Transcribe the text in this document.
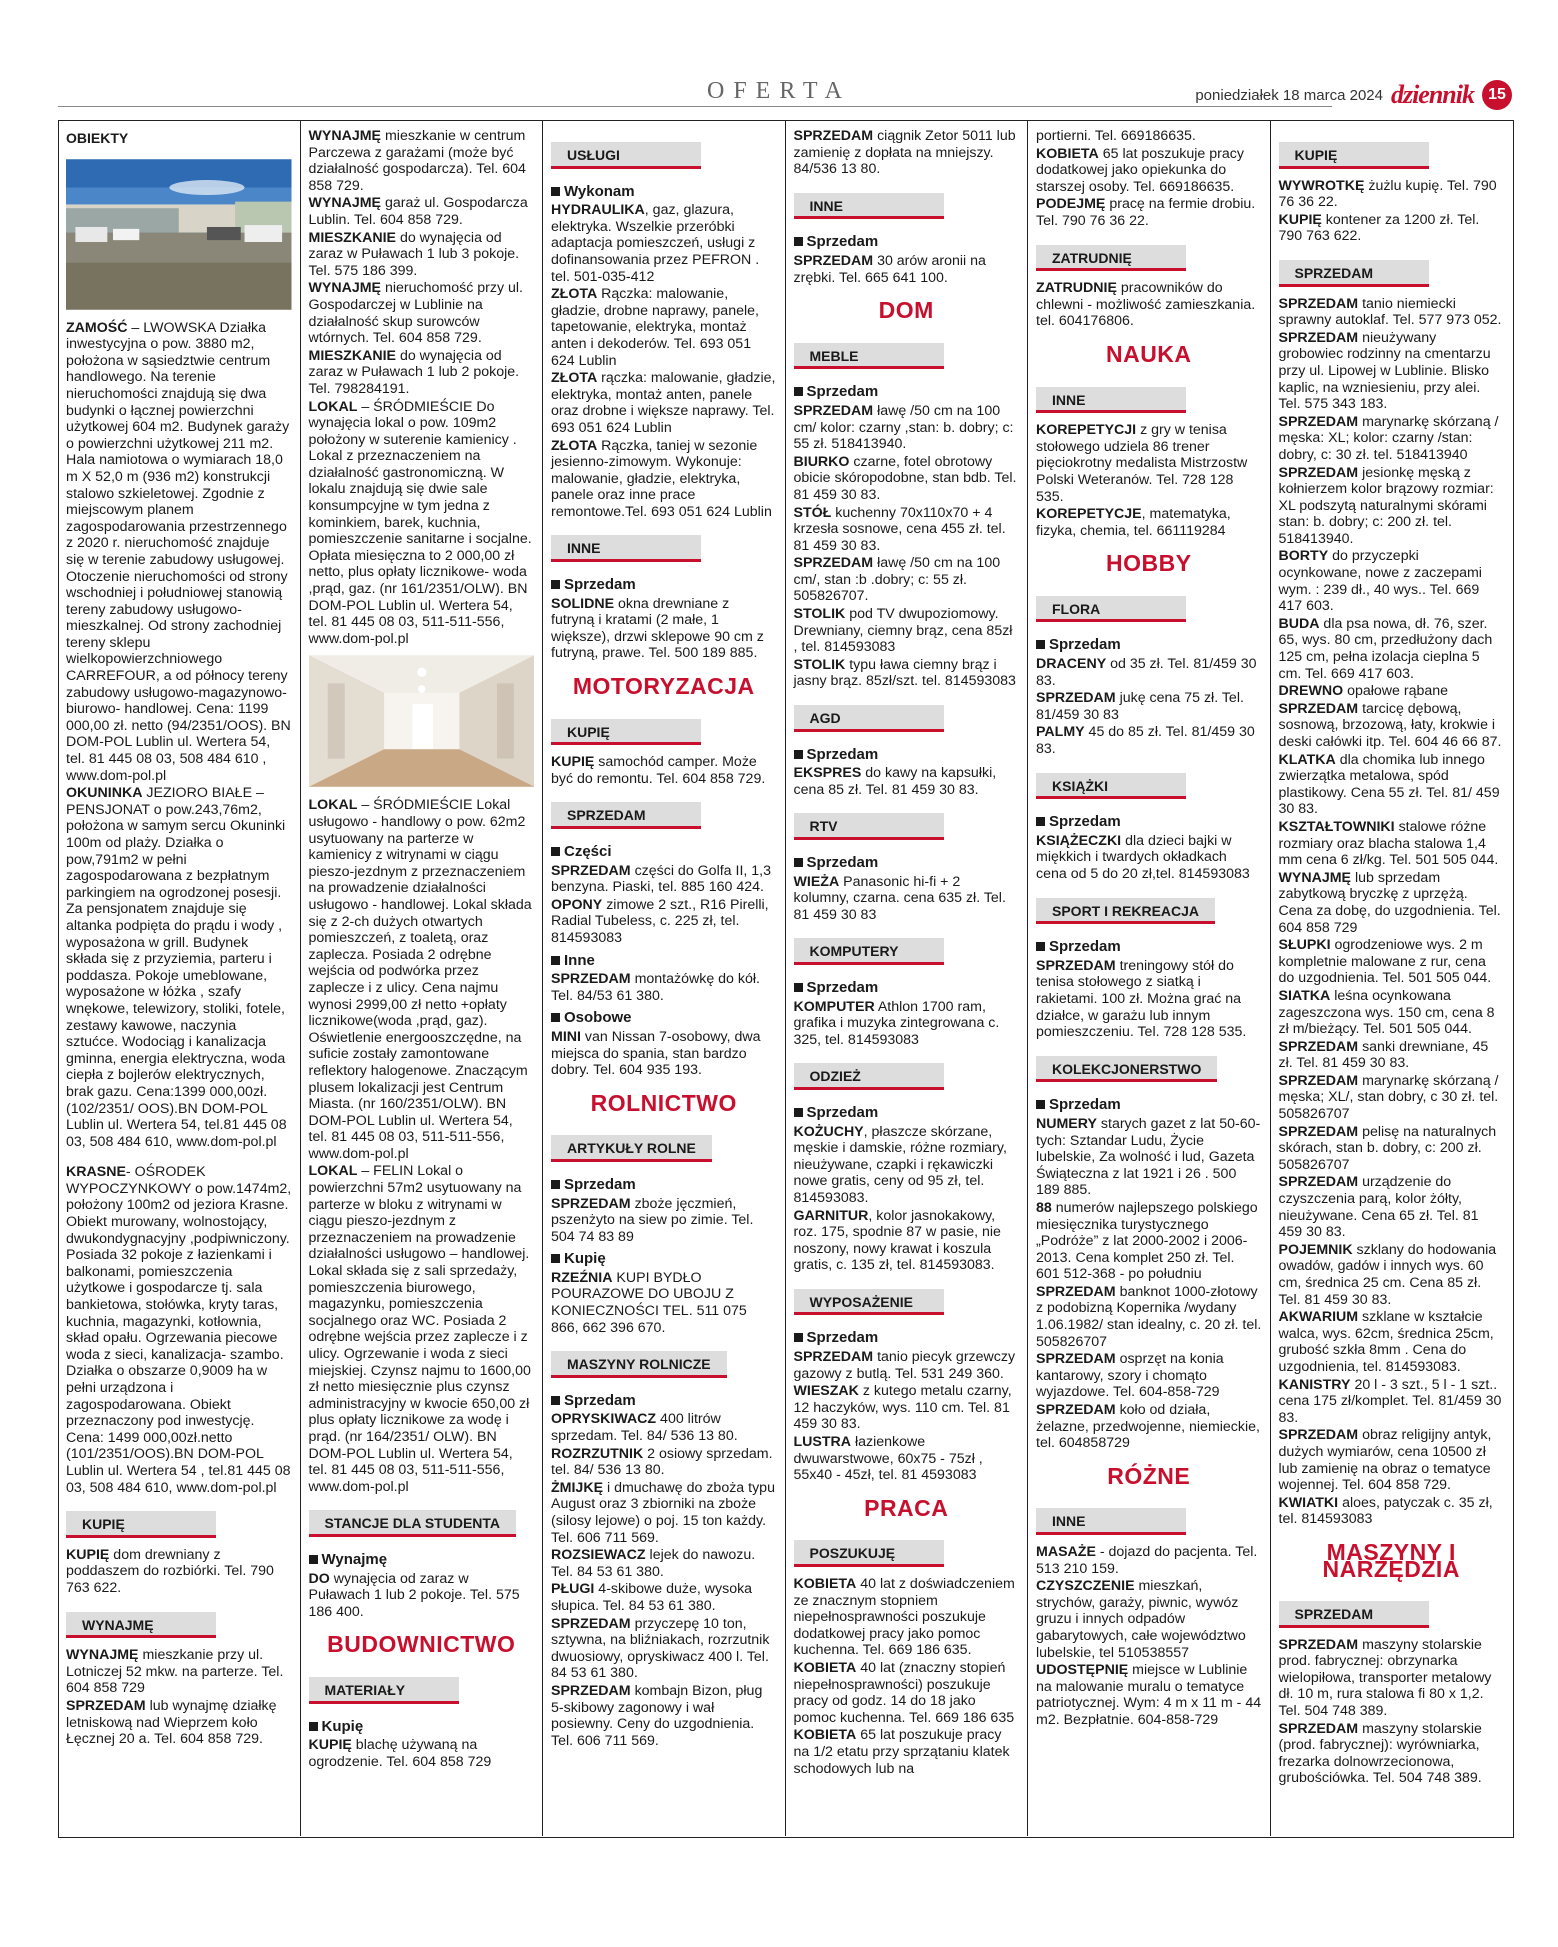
OFERTA	poniedziałek 18 marca 2024 dziennik 15
OBIEKTY
ZAMOŚĆ – LWOWSKA Działka inwestycyjna o pow. 3880 m2, położona w sąsiedztwie centrum handlowego. Na terenie nieruchomości znajdują się dwa budynki o łącznej powierzchni użytkowej 604 m2. Budynek garaży o powierzchni użytkowej 211 m2. Hala namiotowa o wymiarach 18,0 m X 52,0 m (936 m2) konstrukcji stalowo szkieletowej. Zgodnie z miejscowym planem zagospodarowania przestrzennego z 2020 r. nieruchomość znajduje się w terenie zabudowy usługowej. Otoczenie nieruchomości od strony wschodniej i południowej stanowią tereny zabudowy usługowo-mieszkalnej. Od strony zachodniej tereny sklepu wielkopowierzchniowego CARREFOUR, a od północy tereny zabudowy usługowo-magazynowo-biurowo- handlowej. Cena: 1199 000,00 zł. netto (94/2351/OOS). BN DOM-POL Lublin ul. Wertera 54, tel. 81 445 08 03, 508 484 610 , www.dom-pol.pl
OKUNINKA JEZIORO BIAŁE – PENSJONAT o pow.243,76m2, położona w samym sercu Okuninki 100m od plaży. Działka o pow,791m2 w pełni zagospodarowana z bezpłatnym parkingiem na ogrodzonej posesji. Za pensjonatem znajduje się altanka podpięta do prądu i wody , wyposażona w grill. Budynek składa się z przyziemia, parteru i poddasza. Pokoje umeblowane, wyposażone w łóżka , szafy wnękowe, telewizory, stoliki, fotele, zestawy kawowe, naczynia sztućce. Wodociąg i kanalizacja gminna, energia elektryczna, woda ciepła z bojlerów elektrycznych, brak gazu. Cena:1399 000,00zł.(102/2351/ OOS).BN DOM-POL Lublin ul. Wertera 54, tel.81 445 08 03, 508 484 610, www.dom-pol.pl
KRASNE- OŚRODEK WYPOCZYNKOWY o pow.1474m2, położony 100m2 od jeziora Krasne. Obiekt murowany, wolnostojący, dwukondygnacyjny ,podpiwniczony. Posiada 32 pokoje z łazienkami i balkonami, pomieszczenia użytkowe i gospodarcze tj. sala bankietowa, stołówka, kryty taras, kuchnia, magazynki, kotłownia, skład opału. Ogrzewania piecowe woda z sieci, kanalizacja- szambo. Działka o obszarze 0,9009 ha w pełni urządzona i zagospodarowana. Obiekt przeznaczony pod inwestycję. Cena: 1499 000,00zł.netto (101/2351/OOS).BN DOM-POL Lublin ul. Wertera 54 , tel.81 445 08 03, 508 484 610, www.dom-pol.pl
KUPIĘ
KUPIĘ dom drewniany z poddaszem do rozbiórki. Tel. 790 763 622.
WYNAJMĘ
WYNAJMĘ mieszkanie przy ul. Lotniczej 52 mkw. na parterze. Tel. 604 858 729
SPRZEDAM lub wynajmę działkę letniskową nad Wieprzem koło Łęcznej 20 a. Tel. 604 858 729.
WYNAJMĘ mieszkanie w centrum Parczewa z garażami (może być działalność gospodarcza). Tel. 604 858 729.
WYNAJMĘ garaż ul. Gospodarcza Lublin. Tel. 604 858 729.
MIESZKANIE do wynajęcia od zaraz w Puławach 1 lub 3 pokoje. Tel. 575 186 399.
WYNAJMĘ nieruchomość przy ul. Gospodarczej w Lublinie na działalność skup surowców wtórnych. Tel. 604 858 729.
MIESZKANIE do wynajęcia od zaraz w Puławach 1 lub 2 pokoje. Tel. 798284191.
LOKAL – ŚRÓDMIEŚCIE Do wynajęcia lokal o pow. 109m2 położony w suterenie kamienicy . Lokal z przeznaczeniem na działalność gastronomiczną. W lokalu znajdują się dwie sale konsumpcyjne w tym jedna z kominkiem, barek, kuchnia, pomieszczenie sanitarne i socjalne. Opłata miesięczna to 2 000,00 zł netto, plus opłaty licznikowe- woda ,prąd, gaz. (nr 161/2351/OLW). BN DOM-POL Lublin ul. Wertera 54, tel. 81 445 08 03, 511-511-556, www.dom-pol.pl
LOKAL – ŚRÓDMIEŚCIE Lokal usługowo - handlowy o pow. 62m2 usytuowany na parterze w kamienicy z witrynami w ciągu pieszo-jezdnym z przeznaczeniem na prowadzenie działalności usługowo - handlowej. Lokal składa się z 2-ch dużych otwartych pomieszczeń, z toaletą, oraz zaplecza. Posiada 2 odrębne wejścia od podwórka przez zaplecze i z ulicy. Cena najmu wynosi 2999,00 zł netto +opłaty licznikowe(woda ,prąd, gaz). Oświetlenie energooszczędne, na suficie zostały zamontowane reflektory halogenowe. Znaczącym plusem lokalizacji jest Centrum Miasta. (nr 160/2351/OLW). BN DOM-POL Lublin ul. Wertera 54, tel. 81 445 08 03, 511-511-556, www.dom-pol.pl
LOKAL – FELIN Lokal o powierzchni 57m2 usytuowany na parterze w bloku z witrynami w ciągu pieszo-jezdnym z przeznaczeniem na prowadzenie działalności usługowo – handlowej. Lokal składa się z sali sprzedaży, pomieszczenia biurowego, magazynku, pomieszczenia socjalnego oraz WC. Posiada 2 odrębne wejścia przez zaplecze i z ulicy. Ogrzewanie i woda z sieci miejskiej. Czynsz najmu to 1600,00 zł netto miesięcznie plus czynsz administracyjny w kwocie 650,00 zł plus opłaty licznikowe za wodę i prąd. (nr 164/2351/ OLW). BN DOM-POL Lublin ul. Wertera 54, tel. 81 445 08 03, 511-511-556, www.dom-pol.pl
STANCJE DLA STUDENTA
Wynajmę
DO wynajęcia od zaraz w Puławach 1 lub 2 pokoje. Tel. 575 186 400.
BUDOWNICTWO
MATERIAŁY
Kupię
KUPIĘ blachę używaną na ogrodzenie. Tel. 604 858 729
USŁUGI
Wykonam
HYDRAULIKA, gaz, glazura, elektryka. Wszelkie przeróbki adaptacja pomieszczeń, usługi z dofinansowania przez PEFRON . tel. 501-035-412
ZŁOTA Rączka: malowanie, gładzie, drobne naprawy, panele, tapetowanie, elektryka, montaż anten i dekoderów. Tel. 693 051 624 Lublin
ZŁOTA rączka: malowanie, gładzie, elektryka, montaż anten, panele oraz drobne i większe naprawy. Tel. 693 051 624 Lublin
ZŁOTA Rączka, taniej w sezonie jesienno-zimowym. Wykonuje: malowanie, gładzie, elektryka, panele oraz inne prace remontowe.Tel. 693 051 624 Lublin
INNE
Sprzedam
SOLIDNE okna drewniane z futryną i kratami (2 małe, 1 większe), drzwi sklepowe 90 cm z futryną, prawe. Tel. 500 189 885.
MOTORYZACJA
KUPIĘ
KUPIĘ samochód camper. Może być do remontu. Tel. 604 858 729.
SPRZEDAM
Części
SPRZEDAM części do Golfa II, 1,3 benzyna. Piaski, tel. 885 160 424.
OPONY zimowe 2 szt., R16 Pirelli, Radial Tubeless, c. 225 zł, tel. 814593083
Inne
SPRZEDAM montażówkę do kół. Tel. 84/53 61 380.
Osobowe
MINI van Nissan 7-osobowy, dwa miejsca do spania, stan bardzo dobry. Tel. 604 935 193.
ROLNICTWO
ARTYKUŁY ROLNE
Sprzedam
SPRZEDAM zboże jęczmień, pszenżyto na siew po zimie. Tel. 504 74 83 89
Kupię
RZEŹNIA KUPI BYDŁO POURAZOWE DO UBOJU Z KONIECZNOŚCI TEL. 511 075 866, 662 396 670.
MASZYNY ROLNICZE
Sprzedam
OPRYSKIWACZ 400 litrów sprzedam. Tel. 84/ 536 13 80.
ROZRZUTNIK 2 osiowy sprzedam. tel. 84/ 536 13 80.
ŻMIJKĘ i dmuchawę do zboża typu August oraz 3 zbiorniki na zboże (silosy lejowe) o poj. 15 ton każdy. Tel. 606 711 569.
ROZSIEWACZ lejek do nawozu. Tel. 84 53 61 380.
PŁUGI 4-skibowe duże, wysoka słupica. Tel. 84 53 61 380.
SPRZEDAM przyczepę 10 ton, sztywna, na bliźniakach, rozrzutnik dwuosiowy, opryskiwacz 400 l. Tel. 84 53 61 380.
SPRZEDAM kombajn Bizon, pług 5-skibowy zagonowy i wał posiewny. Ceny do uzgodnienia. Tel. 606 711 569.
SPRZEDAM ciągnik Zetor 5011 lub zamienię z dopłata na mniejszy. 84/536 13 80.
INNE
Sprzedam
SPRZEDAM 30 arów aronii na zrębki. Tel. 665 641 100.
DOM
MEBLE
Sprzedam
SPRZEDAM ławę /50 cm na 100 cm/ kolor: czarny ,stan: b. dobry; c: 55 zł. 518413940.
BIURKO czarne, fotel obrotowy obicie skóropodobne, stan bdb. Tel. 81 459 30 83.
STÓŁ kuchenny 70x110x70 + 4 krzesła sosnowe, cena 455 zł. tel. 81 459 30 83.
SPRZEDAM ławę /50 cm na 100 cm/, stan :b .dobry; c: 55 zł. 505826707.
STOLIK pod TV dwupoziomowy. Drewniany, ciemny brąz, cena 85zł , tel. 814593083
STOLIK typu ława ciemny brąz i jasny brąz. 85zł/szt. tel. 814593083
AGD
Sprzedam
EKSPRES do kawy na kapsułki, cena 85 zł. Tel. 81 459 30 83.
RTV
Sprzedam
WIEŻA Panasonic hi-fi + 2 kolumny, czarna. cena 635 zł. Tel. 81 459 30 83
KOMPUTERY
Sprzedam
KOMPUTER Athlon 1700 ram, grafika i muzyka zintegrowana c. 325, tel. 814593083
ODZIEŻ
Sprzedam
KOŻUCHY, płaszcze skórzane, męskie i damskie, różne rozmiary, nieużywane, czapki i rękawiczki nowe gratis, ceny od 95 zł, tel. 814593083.
GARNITUR, kolor jasnokakowy, roz. 175, spodnie 87 w pasie, nie noszony, nowy krawat i koszula gratis, c. 135 zł, tel. 814593083.
WYPOSAŻENIE
Sprzedam
SPRZEDAM tanio piecyk grzewczy gazowy z butlą. Tel. 531 249 360.
WIESZAK z kutego metalu czarny, 12 haczyków, wys. 110 cm. Tel. 81 459 30 83.
LUSTRA łazienkowe dwuwarstwowe, 60x75 - 75zł , 55x40 - 45zł, tel. 81 4593083
PRACA
POSZUKUJĘ
KOBIETA 40 lat z doświadczeniem ze znacznym stopniem niepełnosprawności poszukuje dodatkowej pracy jako pomoc kuchenna. Tel. 669 186 635.
KOBIETA 40 lat (znaczny stopień niepełnosprawności) poszukuje pracy od godz. 14 do 18 jako pomoc kuchenna. Tel. 669 186 635
KOBIETA 65 lat poszukuje pracy na 1/2 etatu przy sprzątaniu klatek schodowych lub na
portierni. Tel. 669186635.
KOBIETA 65 lat poszukuje pracy dodatkowej jako opiekunka do starszej osoby. Tel. 669186635.
PODEJMĘ pracę na fermie drobiu. Tel. 790 76 36 22.
ZATRUDNIĘ
ZATRUDNIĘ pracowników do chlewni - możliwość zamieszkania. tel. 604176806.
NAUKA
INNE
KOREPETYCJI z gry w tenisa stołowego udziela 86 trener pięciokrotny medalista Mistrzostw Polski Weteranów. Tel. 728 128 535.
KOREPETYCJE, matematyka, fizyka, chemia, tel. 661119284
HOBBY
FLORA
Sprzedam
DRACENY od 35 zł. Tel. 81/459 30 83.
SPRZEDAM jukę cena 75 zł. Tel. 81/459 30 83
PALMY 45 do 85 zł. Tel. 81/459 30 83.
KSIĄŻKI
Sprzedam
KSIĄŻECZKI dla dzieci bajki w miękkich i twardych okładkach cena od 5 do 20 zł,tel. 814593083
SPORT I REKREACJA
Sprzedam
SPRZEDAM treningowy stół do tenisa stołowego z siatką i rakietami. 100 zł. Można grać na działce, w garażu lub innym pomieszczeniu. Tel. 728 128 535.
KOLEKCJONERSTWO
Sprzedam
NUMERY starych gazet z lat 50-60-tych: Sztandar Ludu, Życie lubelskie, Za wolność i lud, Gazeta Świąteczna z lat 1921 i 26 . 500 189 885.
88 numerów najlepszego polskiego miesięcznika turystycznego „Podróże” z lat 2000-2002 i 2006-2013. Cena komplet 250 zł. Tel. 601 512-368 - po południu
SPRZEDAM banknot 1000-złotowy z podobizną Kopernika /wydany 1.06.1982/ stan idealny, c. 20 zł. tel. 505826707
SPRZEDAM osprzęt na konia kantarowy, szory i chomąto wyjazdowe. Tel. 604-858-729
SPRZEDAM koło od działa, żelazne, przedwojenne, niemieckie, tel. 604858729
RÓŻNE
INNE
MASAŻE - dojazd do pacjenta. Tel. 513 210 159.
CZYSZCZENIE mieszkań, strychów, garaży, piwnic, wywóz gruzu i innych odpadów gabarytowych, całe województwo lubelskie, tel 510538557
UDOSTĘPNIĘ miejsce w Lublinie na malowanie muralu o tematyce patriotycznej. Wym: 4 m x 11 m - 44 m2. Bezpłatnie. 604-858-729
KUPIĘ
WYWROTKĘ żużlu kupię. Tel. 790 76 36 22.
KUPIĘ kontener za 1200 zł. Tel. 790 763 622.
SPRZEDAM
SPRZEDAM tanio niemiecki sprawny autoklaf. Tel. 577 973 052.
SPRZEDAM nieużywany grobowiec rodzinny na cmentarzu przy ul. Lipowej w Lublinie. Blisko kaplic, na wzniesieniu, przy alei. Tel. 575 343 183.
SPRZEDAM marynarkę skórzaną / męska: XL; kolor: czarny /stan: dobry, c: 30 zł. tel. 518413940
SPRZEDAM jesionkę męską z kołnierzem kolor brązowy rozmiar: XL podszytą naturalnymi skórami stan: b. dobry; c: 200 zł. tel. 518413940.
BORTY do przyczepki ocynkowane, nowe z zaczepami wym. : 239 dł., 40 wys.. Tel. 669 417 603.
BUDA dla psa nowa, dł. 76, szer. 65, wys. 80 cm, przedłużony dach 125 cm, pełna izolacja cieplna 5 cm. Tel. 669 417 603.
DREWNO opałowe rąbane
SPRZEDAM tarcicę dębową, sosnową, brzozową, łaty, krokwie i deski całówki itp. Tel. 604 46 66 87.
KLATKA dla chomika lub innego zwierzątka metalowa, spód plastikowy. Cena 55 zł. Tel. 81/ 459 30 83.
KSZTAŁTOWNIKI stalowe różne rozmiary oraz blacha stalowa 1,4 mm cena 6 zł/kg. Tel. 501 505 044.
WYNAJMĘ lub sprzedam zabytkową bryczkę z uprzężą. Cena za dobę, do uzgodnienia. Tel. 604 858 729
SŁUPKI ogrodzeniowe wys. 2 m kompletnie malowane z rur, cena do uzgodnienia. Tel. 501 505 044.
SIATKA leśna ocynkowana zageszczona wys. 150 cm, cena 8 zł m/bieżący. Tel. 501 505 044.
SPRZEDAM sanki drewniane, 45 zł. Tel. 81 459 30 83.
SPRZEDAM marynarkę skórzaną / męska; XL/, stan dobry, c 30 zł. tel. 505826707
SPRZEDAM pelisę na naturalnych skórach, stan b. dobry, c: 200 zł. 505826707
SPRZEDAM urządzenie do czyszczenia parą, kolor żółty, nieużywane. Cena 65 zł. Tel. 81 459 30 83.
POJEMNIK szklany do hodowania owadów, gadów i innych wys. 60 cm, średnica 25 cm. Cena 85 zł. Tel. 81 459 30 83.
AKWARIUM szklane w kształcie walca, wys. 62cm, średnica 25cm, grubość szkła 8mm . Cena do uzgodnienia, tel. 814593083.
KANISTRY 20 l - 3 szt., 5 l - 1 szt.. cena 175 zł/komplet. Tel. 81/459 30 83.
SPRZEDAM obraz religijny antyk, dużych wymiarów, cena 10500 zł lub zamienię na obraz o tematyce wojennej. Tel. 604 858 729.
KWIATKI aloes, patyczak c. 35 zł, tel. 814593083
MASZYNY I NARZĘDZIA
SPRZEDAM
SPRZEDAM maszyny stolarskie prod. fabrycznej: obrzynarka wielopiłowa, transporter metalowy dł. 10 m, rura stalowa fi 80 x 1,2. Tel. 504 748 389.
SPRZEDAM maszyny stolarskie (prod. fabrycznej): wyrówniarka, frezarka dolnowrzecionowa, grubościówka. Tel. 504 748 389.
